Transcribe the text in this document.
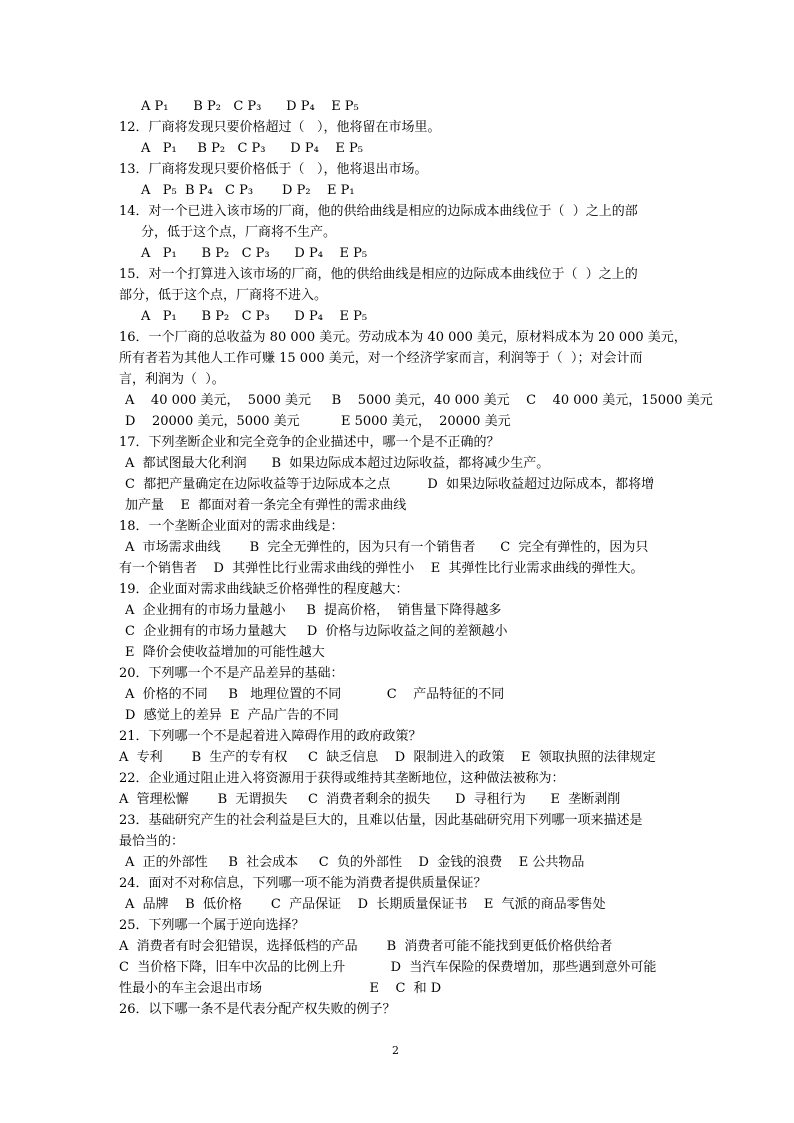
A P₁      B P₂   C P₃      D P₄    E P₅
12．厂商将发现只要价格超过（   ），他将留在市场里。
A   P₁     B P₂   C P₃      D P₄    E P₅
13．厂商将发现只要价格低于（   ），他将退出市场。
A   P₅  B P₄   C P₃       D P₂    E P₁
14．对一个已进入该市场的厂商，他的供给曲线是相应的边际成本曲线位于（  ）之上的部
分，低于这个点，厂商将不生产。
A   P₁      B P₂   C P₃      D P₄    E P₅
15．对一个打算进入该市场的厂商，他的供给曲线是相应的边际成本曲线位于（  ）之上的
部分，低于这个点，厂商将不进入。
A   P₁      B P₂   C P₃      D P₄    E P₅
16．一个厂商的总收益为 80 000 美元。劳动成本为 40 000 美元，原材料成本为 20 000 美元，
所有者若为其他人工作可赚 15 000 美元，对一个经济学家而言，利润等于（  ）；对会计而
言，利润为（  ）。
A    40 000 美元，  5000 美元     B    5000 美元，40 000 美元    C    40 000 美元，15000 美元
D    20000 美元，5000 美元          E 5000 美元，  20000 美元
17．下列垄断企业和完全竞争的企业描述中，哪一个是不正确的？
A  都试图最大化利润      B  如果边际成本超过边际收益，都将减少生产。
C  都把产量确定在边际收益等于边际成本之点         D  如果边际收益超过边际成本，都将增
加产量    E  都面对着一条完全有弹性的需求曲线
18．一个垄断企业面对的需求曲线是：
A  市场需求曲线       B  完全无弹性的，因为只有一个销售者      C  完全有弹性的，因为只
有一个销售者    D  其弹性比行业需求曲线的弹性小    E  其弹性比行业需求曲线的弹性大。
19．企业面对需求曲线缺乏价格弹性的程度越大：
A  企业拥有的市场力量越小     B  提高价格，  销售量下降得越多
C  企业拥有的市场力量越大     D  价格与边际收益之间的差额越小
E  降价会使收益增加的可能性越大
20．下列哪一个不是产品差异的基础：
A  价格的不同     B   地理位置的不同           C    产品特征的不同
D  感觉上的差异  E  产品广告的不同
21．下列哪一个不是起着进入障碍作用的政府政策？
A  专利       B  生产的专有权     C  缺乏信息    D  限制进入的政策    E  领取执照的法律规定
22．企业通过阻止进入将资源用于获得或维持其垄断地位，这种做法被称为：
A  管理松懈       B  无谓损失     C  消费者剩余的损失      D  寻租行为      E  垄断剥削
23．基础研究产生的社会利益是巨大的，且难以估量，因此基础研究用下列哪一项来描述是
最恰当的：
A  正的外部性     B  社会成本     C  负的外部性    D  金钱的浪费    E 公共物品
24．面对不对称信息，下列哪一项不能为消费者提供质量保证？
A  品牌    B  低价格       C  产品保证    D  长期质量保证书    E  气派的商品零售处
25．下列哪一个属于逆向选择？
A  消费者有时会犯错误，选择低档的产品       B  消费者可能不能找到更低价格供给者
C  当价格下降，旧车中次品的比例上升           D  当汽车保险的保费增加，那些遇到意外可能
性最小的车主会退出市场                          E    C  和 D
26．以下哪一条不是代表分配产权失败的例子？
2
